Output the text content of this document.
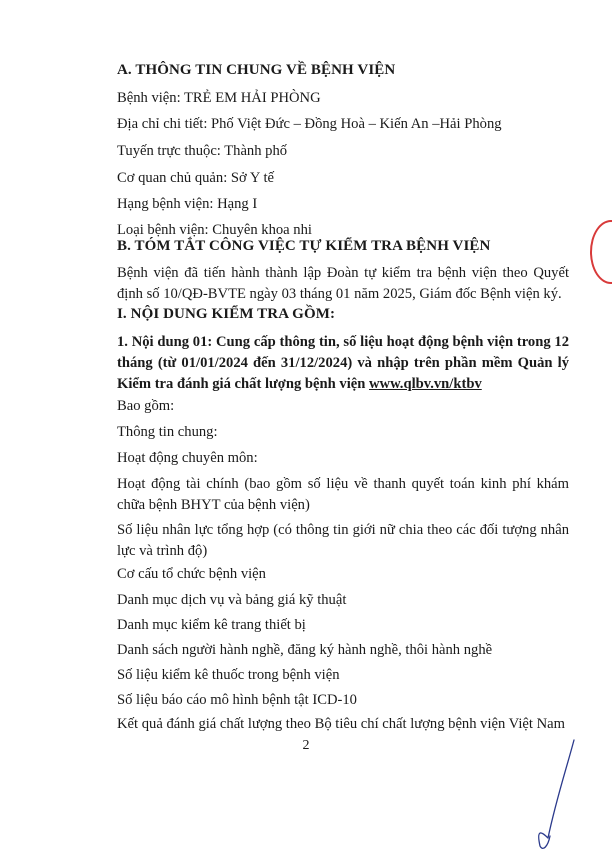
A. THÔNG TIN CHUNG VỀ BỆNH VIỆN
Bệnh viện: TRẺ EM HẢI PHÒNG
Địa chỉ chi tiết: Phố Việt Đức – Đồng Hoà – Kiến An –Hải Phòng
Tuyến trực thuộc: Thành phố
Cơ quan chủ quản: Sở Y tế
Hạng bệnh viện: Hạng I
Loại bệnh viện: Chuyên khoa nhi
B. TÓM TẮT CÔNG VIỆC TỰ KIỂM TRA BỆNH VIỆN
Bệnh viện đã tiến hành thành lập Đoàn tự kiểm tra bệnh viện theo Quyết định số 10/QĐ-BVTE ngày 03 tháng 01 năm 2025, Giám đốc Bệnh viện ký.
I. NỘI DUNG KIỂM TRA GỒM:
1. Nội dung 01: Cung cấp thông tin, số liệu hoạt động bệnh viện trong 12 tháng (từ 01/01/2024 đến 31/12/2024) và nhập trên phần mềm Quản lý Kiểm tra đánh giá chất lượng bệnh viện www.qlbv.vn/ktbv
Bao gồm:
Thông tin chung:
Hoạt động chuyên môn:
Hoạt động tài chính (bao gồm số liệu về thanh quyết toán kinh phí khám chữa bệnh BHYT của bệnh viện)
Số liệu nhân lực tổng hợp (có thông tin giới nữ chia theo các đối tượng nhân lực và trình độ)
Cơ cấu tổ chức bệnh viện
Danh mục dịch vụ và bảng giá kỹ thuật
Danh mục kiểm kê trang thiết bị
Danh sách người hành nghề, đăng ký hành nghề, thôi hành nghề
Số liệu kiểm kê thuốc trong bệnh viện
Số liệu báo cáo mô hình bệnh tật ICD-10
Kết quả đánh giá chất lượng theo Bộ tiêu chí chất lượng bệnh viện Việt Nam
2
